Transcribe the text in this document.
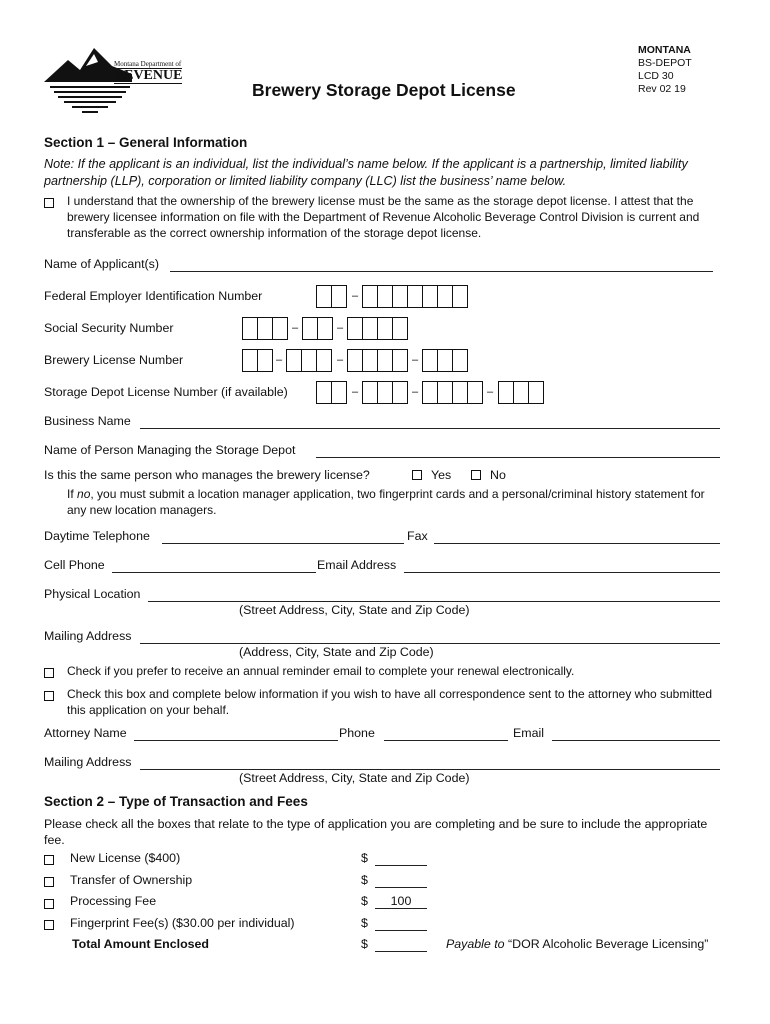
Montana Department of
REVENUE
Brewery Storage Depot License
MONTANA
BS-DEPOT
LCD 30
Rev 02 19
Section 1 – General Information
Note: If the applicant is an individual, list the individual’s name below. If the applicant is a partnership, limited liability partnership (LLP), corporation or limited liability company (LLC) list the business’ name below.
I understand that the ownership of the brewery license must be the same as the storage depot license. I attest that the brewery licensee information on file with the Department of Revenue Alcoholic Beverage Control Division is current and transferable as the correct ownership information of the storage depot license.
Name of Applicant(s)
Federal Employer Identification Number	–
Social Security Number	–	–
Brewery License Number	–	–	–
Storage Depot License Number (if available)	–	–	–
Business Name
Name of Person Managing the Storage Depot
Is this the same person who manages the brewery license?	Yes	No
If no, you must submit a location manager application, two fingerprint cards and a personal/criminal history statement for any new location managers.
Daytime Telephone	Fax
Cell Phone	Email Address
Physical Location
(Street Address, City, State and Zip Code)
Mailing Address
(Address, City, State and Zip Code)
Check if you prefer to receive an annual reminder email to complete your renewal electronically.
Check this box and complete below information if you wish to have all correspondence sent to the attorney who submitted this application on your behalf.
Attorney Name	Phone	Email
Mailing Address
(Street Address, City, State and Zip Code)
Section 2 – Type of Transaction and Fees
Please check all the boxes that relate to the type of application you are completing and be sure to include the appropriate fee.
New License ($400)	$
Transfer of Ownership	$
Processing Fee	$	100
Fingerprint Fee(s) ($30.00 per individual)	$
Total Amount Enclosed	$	Payable to “DOR Alcoholic Beverage Licensing”
